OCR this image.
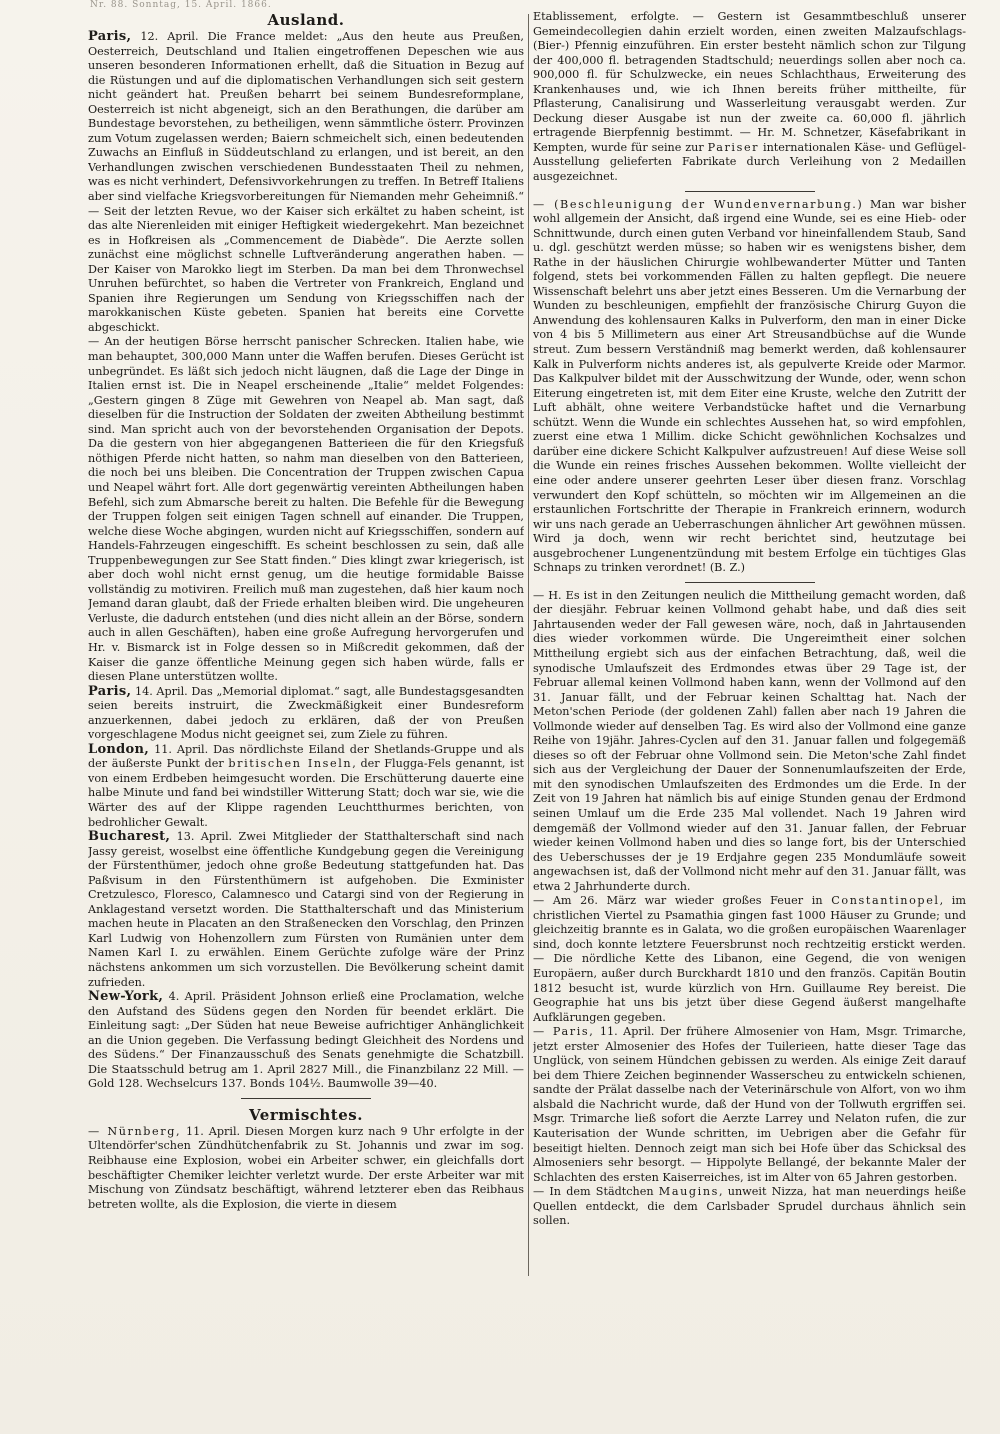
Nr. 88. Sonntag, 15. April. 1866.

Ausland.

Paris, 12. April. Die France meldet: „Aus den heute aus Preußen, Oesterreich, Deutschland und Italien eingetroffenen Depeschen wie aus unseren besonderen Informationen erhellt, daß die Situation in Bezug auf die Rüstungen und auf die diplomatischen Verhandlungen sich seit gestern nicht geändert hat. Preußen beharrt bei seinem Bundesreformplane, Oesterreich ist nicht abgeneigt, sich an den Berathungen, die darüber am Bundestage bevorstehen, zu betheiligen, wenn sämmtliche österr. Provinzen zum Votum zugelassen werden; Baiern schmeichelt sich, einen bedeutenden Zuwachs an Einfluß in Süddeutschland zu erlangen, und ist bereit, an den Verhandlungen zwischen verschiedenen Bundesstaaten Theil zu nehmen, was es nicht verhindert, Defensivvorkehrungen zu treffen. In Betreff Italiens aber sind vielfache Kriegsvorbereitungen für Niemanden mehr Geheimniß.“ — Seit der letzten Revue, wo der Kaiser sich erkältet zu haben scheint, ist das alte Nierenleiden mit einiger Heftigkeit wiedergekehrt. Man bezeichnet es in Hofkreisen als „Commencement de Diabède“. Die Aerzte sollen zunächst eine möglichst schnelle Luftveränderung angerathen haben. — Der Kaiser von Marokko liegt im Sterben. Da man bei dem Thronwechsel Unruhen befürchtet, so haben die Vertreter von Frankreich, England und Spanien ihre Regierungen um Sendung von Kriegsschiffen nach der marokkanischen Küste gebeten. Spanien hat bereits eine Corvette abgeschickt.

— An der heutigen Börse herrscht panischer Schrecken. Italien habe, wie man behauptet, 300,000 Mann unter die Waffen berufen. Dieses Gerücht ist unbegründet. Es läßt sich jedoch nicht läugnen, daß die Lage der Dinge in Italien ernst ist. Die in Neapel erscheinende „Italie“ meldet Folgendes: „Gestern gingen 8 Züge mit Gewehren von Neapel ab. Man sagt, daß dieselben für die Instruction der Soldaten der zweiten Abtheilung bestimmt sind. Man spricht auch von der bevorstehenden Organisation der Depots. Da die gestern von hier abgegangenen Batterieen die für den Kriegsfuß nöthigen Pferde nicht hatten, so nahm man dieselben von den Batterieen, die noch bei uns bleiben. Die Concentration der Truppen zwischen Capua und Neapel währt fort. Alle dort gegenwärtig vereinten Abtheilungen haben Befehl, sich zum Abmarsche bereit zu halten. Die Befehle für die Bewegung der Truppen folgen seit einigen Tagen schnell auf einander. Die Truppen, welche diese Woche abgingen, wurden nicht auf Kriegsschiffen, sondern auf Handels-Fahrzeugen eingeschifft. Es scheint beschlossen zu sein, daß alle Truppenbewegungen zur See Statt finden.“ Dies klingt zwar kriegerisch, ist aber doch wohl nicht ernst genug, um die heutige formidable Baisse vollständig zu motiviren. Freilich muß man zugestehen, daß hier kaum noch Jemand daran glaubt, daß der Friede erhalten bleiben wird. Die ungeheuren Verluste, die dadurch entstehen (und dies nicht allein an der Börse, sondern auch in allen Geschäften), haben eine große Aufregung hervorgerufen und Hr. v. Bismarck ist in Folge dessen so in Mißcredit gekommen, daß der Kaiser die ganze öffentliche Meinung gegen sich haben würde, falls er diesen Plane unterstützen wollte.

Paris, 14. April. Das „Memorial diplomat.“ sagt, alle Bundestagsgesandten seien bereits instruirt, die Zweckmäßigkeit einer Bundesreform anzuerkennen, dabei jedoch zu erklären, daß der von Preußen vorgeschlagene Modus nicht geeignet sei, zum Ziele zu führen.

London, 11. April. Das nördlichste Eiland der Shetlands-Gruppe und als der äußerste Punkt der britischen Inseln, der Flugga-Fels genannt, ist von einem Erdbeben heimgesucht worden. Die Erschütterung dauerte eine halbe Minute und fand bei windstiller Witterung Statt; doch war sie, wie die Wärter des auf der Klippe ragenden Leuchtthurmes berichten, von bedrohlicher Gewalt.

Bucharest, 13. April. Zwei Mitglieder der Statthalterschaft sind nach Jassy gereist, woselbst eine öffentliche Kundgebung gegen die Vereinigung der Fürstenthümer, jedoch ohne große Bedeutung stattgefunden hat. Das Paßvisum in den Fürstenthümern ist aufgehoben. Die Exminister Cretzulesco, Floresco, Calamnesco und Catargi sind von der Regierung in Anklagestand versetzt worden. Die Statthalterschaft und das Ministerium machen heute in Placaten an den Straßenecken den Vorschlag, den Prinzen Karl Ludwig von Hohenzollern zum Fürsten von Rumänien unter dem Namen Karl I. zu erwählen. Einem Gerüchte zufolge wäre der Prinz nächstens ankommen um sich vorzustellen. Die Bevölkerung scheint damit zufrieden.

New-York, 4. April. Präsident Johnson erließ eine Proclamation, welche den Aufstand des Südens gegen den Norden für beendet erklärt. Die Einleitung sagt: „Der Süden hat neue Beweise aufrichtiger Anhänglichkeit an die Union gegeben. Die Verfassung bedingt Gleichheit des Nordens und des Südens.“ Der Finanzausschuß des Senats genehmigte die Schatzbill. Die Staatsschuld betrug am 1. April 2827 Mill., die Finanzbilanz 22 Mill. — Gold 128. Wechselcurs 137. Bonds 104½. Baumwolle 39—40.

Vermischtes.

— Nürnberg, 11. April. Diesen Morgen kurz nach 9 Uhr erfolgte in der Ultendörfer'schen Zündhütchenfabrik zu St. Johannis und zwar im sog. Reibhause eine Explosion, wobei ein Arbeiter schwer, ein gleichfalls dort beschäftigter Chemiker leichter verletzt wurde. Der erste Arbeiter war mit Mischung von Zündsatz beschäftigt, während letzterer eben das Reibhaus betreten wollte, als die Explosion, die vierte in diesem

Etablissement, erfolgte. — Gestern ist Gesammtbeschluß unserer Gemeindecollegien dahin erzielt worden, einen zweiten Malzaufschlags- (Bier-) Pfennig einzuführen. Ein erster besteht nämlich schon zur Tilgung der 400,000 fl. betragenden Stadtschuld; neuerdings sollen aber noch ca. 900,000 fl. für Schulzwecke, ein neues Schlachthaus, Erweiterung des Krankenhauses und, wie ich Ihnen bereits früher mittheilte, für Pflasterung, Canalisirung und Wasserleitung verausgabt werden. Zur Deckung dieser Ausgabe ist nun der zweite ca. 60,000 fl. jährlich ertragende Bierpfennig bestimmt. — Hr. M. Schnetzer, Käsefabrikant in Kempten, wurde für seine zur Pariser internationalen Käse- und Geflügel-Ausstellung gelieferten Fabrikate durch Verleihung von 2 Medaillen ausgezeichnet.

— (Beschleunigung der Wundenvernarbung.) Man war bisher wohl allgemein der Ansicht, daß irgend eine Wunde, sei es eine Hieb- oder Schnittwunde, durch einen guten Verband vor hineinfallendem Staub, Sand u. dgl. geschützt werden müsse; so haben wir es wenigstens bisher, dem Rathe in der häuslichen Chirurgie wohlbewanderter Mütter und Tanten folgend, stets bei vorkommenden Fällen zu halten gepflegt. Die neuere Wissenschaft belehrt uns aber jetzt eines Besseren. Um die Vernarbung der Wunden zu beschleunigen, empfiehlt der französische Chirurg Guyon die Anwendung des kohlensauren Kalks in Pulverform, den man in einer Dicke von 4 bis 5 Millimetern aus einer Art Streusandbüchse auf die Wunde streut. Zum bessern Verständniß mag bemerkt werden, daß kohlensaurer Kalk in Pulverform nichts anderes ist, als gepulverte Kreide oder Marmor. Das Kalkpulver bildet mit der Ausschwitzung der Wunde, oder, wenn schon Eiterung eingetreten ist, mit dem Eiter eine Kruste, welche den Zutritt der Luft abhält, ohne weitere Verbandstücke haftet und die Vernarbung schützt. Wenn die Wunde ein schlechtes Aussehen hat, so wird empfohlen, zuerst eine etwa 1 Millim. dicke Schicht gewöhnlichen Kochsalzes und darüber eine dickere Schicht Kalkpulver aufzustreuen! Auf diese Weise soll die Wunde ein reines frisches Aussehen bekommen. Wollte vielleicht der eine oder andere unserer geehrten Leser über diesen franz. Vorschlag verwundert den Kopf schütteln, so möchten wir im Allgemeinen an die erstaunlichen Fortschritte der Therapie in Frankreich erinnern, wodurch wir uns nach gerade an Ueberraschungen ähnlicher Art gewöhnen müssen. Wird ja doch, wenn wir recht berichtet sind, heutzutage bei ausgebrochener Lungenentzündung mit bestem Erfolge ein tüchtiges Glas Schnaps zu trinken verordnet! (B. Z.)

— H. Es ist in den Zeitungen neulich die Mittheilung gemacht worden, daß der diesjähr. Februar keinen Vollmond gehabt habe, und daß dies seit Jahrtausenden weder der Fall gewesen wäre, noch, daß in Jahrtausenden dies wieder vorkommen würde. Die Ungereimtheit einer solchen Mittheilung ergiebt sich aus der einfachen Betrachtung, daß, weil die synodische Umlaufszeit des Erdmondes etwas über 29 Tage ist, der Februar allemal keinen Vollmond haben kann, wenn der Vollmond auf den 31. Januar fällt, und der Februar keinen Schalttag hat. Nach der Meton'schen Periode (der goldenen Zahl) fallen aber nach 19 Jahren die Vollmonde wieder auf denselben Tag. Es wird also der Vollmond eine ganze Reihe von 19jähr. Jahres-Cyclen auf den 31. Januar fallen und folgegemäß dieses so oft der Februar ohne Vollmond sein. Die Meton'sche Zahl findet sich aus der Vergleichung der Dauer der Sonnenumlaufszeiten der Erde, mit den synodischen Umlaufszeiten des Erdmondes um die Erde. In der Zeit von 19 Jahren hat nämlich bis auf einige Stunden genau der Erdmond seinen Umlauf um die Erde 235 Mal vollendet. Nach 19 Jahren wird demgemäß der Vollmond wieder auf den 31. Januar fallen, der Februar wieder keinen Vollmond haben und dies so lange fort, bis der Unterschied des Ueberschusses der je 19 Erdjahre gegen 235 Mondumläufe soweit angewachsen ist, daß der Vollmond nicht mehr auf den 31. Januar fällt, was etwa 2 Jahrhunderte durch.

— Am 26. März war wieder großes Feuer in Constantinopel, im christlichen Viertel zu Psamathia gingen fast 1000 Häuser zu Grunde; und gleichzeitig brannte es in Galata, wo die großen europäischen Waarenlager sind, doch konnte letztere Feuersbrunst noch rechtzeitig erstickt werden. — Die nördliche Kette des Libanon, eine Gegend, die von wenigen Europäern, außer durch Burckhardt 1810 und den französ. Capitän Boutin 1812 besucht ist, wurde kürzlich von Hrn. Guillaume Rey bereist. Die Geographie hat uns bis jetzt über diese Gegend äußerst mangelhafte Aufklärungen gegeben.

— Paris, 11. April. Der frühere Almosenier von Ham, Msgr. Trimarche, jetzt erster Almosenier des Hofes der Tuilerieen, hatte dieser Tage das Unglück, von seinem Hündchen gebissen zu werden. Als einige Zeit darauf bei dem Thiere Zeichen beginnender Wasserscheu zu entwickeln schienen, sandte der Prälat dasselbe nach der Veterinärschule von Alfort, von wo ihm alsbald die Nachricht wurde, daß der Hund von der Tollwuth ergriffen sei. Msgr. Trimarche ließ sofort die Aerzte Larrey und Nelaton rufen, die zur Kauterisation der Wunde schritten, im Uebrigen aber die Gefahr für beseitigt hielten. Dennoch zeigt man sich bei Hofe über das Schicksal des Almoseniers sehr besorgt. — Hippolyte Bellangé, der bekannte Maler der Schlachten des ersten Kaiserreiches, ist im Alter von 65 Jahren gestorben.

— In dem Städtchen Maugins, unweit Nizza, hat man neuerdings heiße Quellen entdeckt, die dem Carlsbader Sprudel durchaus ähnlich sein sollen.
